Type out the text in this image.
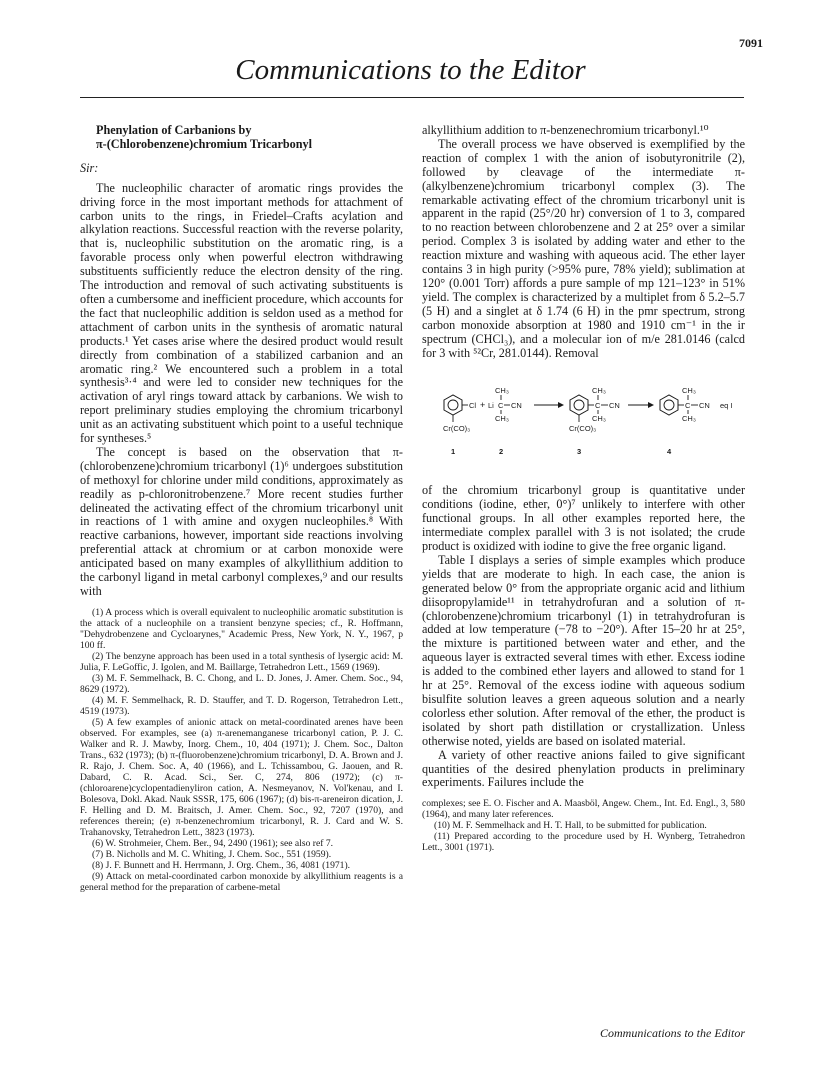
7091
Communications to the Editor

Phenylation of Carbanions by

π-(Chlorobenzene)chromium Tricarbonyl

Sir:

The nucleophilic character of aromatic rings provides the driving force in the most important methods for attachment of carbon units to the rings, in Friedel–Crafts acylation and alkylation reactions. Successful reaction with the reverse polarity, that is, nucleophilic substitution on the aromatic ring, is a favorable process only when powerful electron withdrawing substituents sufficiently reduce the electron density of the ring. The introduction and removal of such activating substituents is often a cumbersome and inefficient procedure, which accounts for the fact that nucleophilic addition is seldon used as a method for attachment of carbon units in the synthesis of aromatic natural products.¹ Yet cases arise where the desired product would result directly from combination of a stabilized carbanion and an aromatic ring.² We encountered such a problem in a total synthesis³·⁴ and were led to consider new techniques for the activation of aryl rings toward attack by carbanions. We wish to report preliminary studies employing the chromium tricarbonyl unit as an activating substituent which point to a useful technique for syntheses.⁵

The concept is based on the observation that π-(chlorobenzene)chromium tricarbonyl (1)⁶ undergoes substitution of methoxyl for chlorine under mild conditions, approximately as readily as p-chloronitrobenzene.⁷ More recent studies further delineated the activating effect of the chromium tricarbonyl unit in reactions of 1 with amine and oxygen nucleophiles.⁸ With reactive carbanions, however, important side reactions involving preferential attack at chromium or at carbon monoxide were anticipated based on many examples of alkyllithium addition to the carbonyl ligand in metal carbonyl complexes,⁹ and our results with

(1) A process which is overall equivalent to nucleophilic aromatic substitution is the attack of a nucleophile on a transient benzyne species; cf., R. Hoffmann, "Dehydrobenzene and Cycloarynes," Academic Press, New York, N. Y., 1967, p 100 ff.

(2) The benzyne approach has been used in a total synthesis of lysergic acid: M. Julia, F. LeGoffic, J. Igolen, and M. Baillarge, Tetrahedron Lett., 1569 (1969).

(3) M. F. Semmelhack, B. C. Chong, and L. D. Jones, J. Amer. Chem. Soc., 94, 8629 (1972).

(4) M. F. Semmelhack, R. D. Stauffer, and T. D. Rogerson, Tetrahedron Lett., 4519 (1973).

(5) A few examples of anionic attack on metal-coordinated arenes have been observed. For examples, see (a) π-arenemanganese tricarbonyl cation, P. J. C. Walker and R. J. Mawby, Inorg. Chem., 10, 404 (1971); J. Chem. Soc., Dalton Trans., 632 (1973); (b) π-(fluorobenzene)chromium tricarbonyl, D. A. Brown and J. R. Rajo, J. Chem. Soc. A, 40 (1966), and L. Tchissambou, G. Jaouen, and R. Dabard, C. R. Acad. Sci., Ser. C, 274, 806 (1972); (c) π-(chloroarene)cyclopentadienyliron cation, A. Nesmeyanov, N. Vol'kenau, and I. Bolesova, Dokl. Akad. Nauk SSSR, 175, 606 (1967); (d) bis-π-areneiron dication, J. F. Helling and D. M. Braitsch, J. Amer. Chem. Soc., 92, 7207 (1970), and references therein; (e) π-benzenechromium tricarbonyl, R. J. Card and W. S. Trahanovsky, Tetrahedron Lett., 3823 (1973).

(6) W. Strohmeier, Chem. Ber., 94, 2490 (1961); see also ref 7.

(7) B. Nicholls and M. C. Whiting, J. Chem. Soc., 551 (1959).

(8) J. F. Bunnett and H. Herrmann, J. Org. Chem., 36, 4081 (1971).

(9) Attack on metal-coordinated carbon monoxide by alkyllithium reagents is a general method for the preparation of carbene-metal

alkyllithium addition to π-benzenechromium tricarbonyl.¹⁰

The overall process we have observed is exemplified by the reaction of complex 1 with the anion of isobutyronitrile (2), followed by cleavage of the intermediate π-(alkylbenzene)chromium tricarbonyl complex (3). The remarkable activating effect of the chromium tricarbonyl unit is apparent in the rapid (25°/20 hr) conversion of 1 to 3, compared to no reaction between chlorobenzene and 2 at 25° over a similar period. Complex 3 is isolated by adding water and ether to the reaction mixture and washing with aqueous acid. The ether layer contains 3 in high purity (>95% pure, 78% yield); sublimation at 120° (0.001 Torr) affords a pure sample of mp 121–123° in 51% yield. The complex is characterized by a multiplet from δ 5.2–5.7 (5 H) and a singlet at δ 1.74 (6 H) in the pmr spectrum, strong carbon monoxide absorption at 1980 and 1910 cm⁻¹ in the ir spectrum (CHCl₃), and a molecular ion of m/e 281.0146 (calcd for 3 with ⁵²Cr, 281.0144). Removal

Cl
Cr(CO)₃
+ Li C CN
CH₃
CH₃
C CN
CH₃
CH₃
Cr(CO)₃
C CN
CH₃
CH₃
eq I
1	2	3	4

of the chromium tricarbonyl group is quantitative under conditions (iodine, ether, 0°)⁷ unlikely to interfere with other functional groups. In all other examples reported here, the intermediate complex parallel with 3 is not isolated; the crude product is oxidized with iodine to give the free organic ligand.

Table I displays a series of simple examples which produce yields that are moderate to high. In each case, the anion is generated below 0° from the appropriate organic acid and lithium diisopropylamide¹¹ in tetrahydrofuran and a solution of π-(chlorobenzene)chromium tricarbonyl (1) in tetrahydrofuran is added at low temperature (−78 to −20°). After 15–20 hr at 25°, the mixture is partitioned between water and ether, and the aqueous layer is extracted several times with ether. Excess iodine is added to the combined ether layers and allowed to stand for 1 hr at 25°. Removal of the excess iodine with aqueous sodium bisulfite solution leaves a green aqueous solution and a nearly colorless ether solution. After removal of the ether, the product is isolated by short path distillation or crystallization. Unless otherwise noted, yields are based on isolated material.

A variety of other reactive anions failed to give significant quantities of the desired phenylation products in preliminary experiments. Failures include the

complexes; see E. O. Fischer and A. Maasböl, Angew. Chem., Int. Ed. Engl., 3, 580 (1964), and many later references.

(10) M. F. Semmelhack and H. T. Hall, to be submitted for publication.

(11) Prepared according to the procedure used by H. Wynberg, Tetrahedron Lett., 3001 (1971).

Communications to the Editor
